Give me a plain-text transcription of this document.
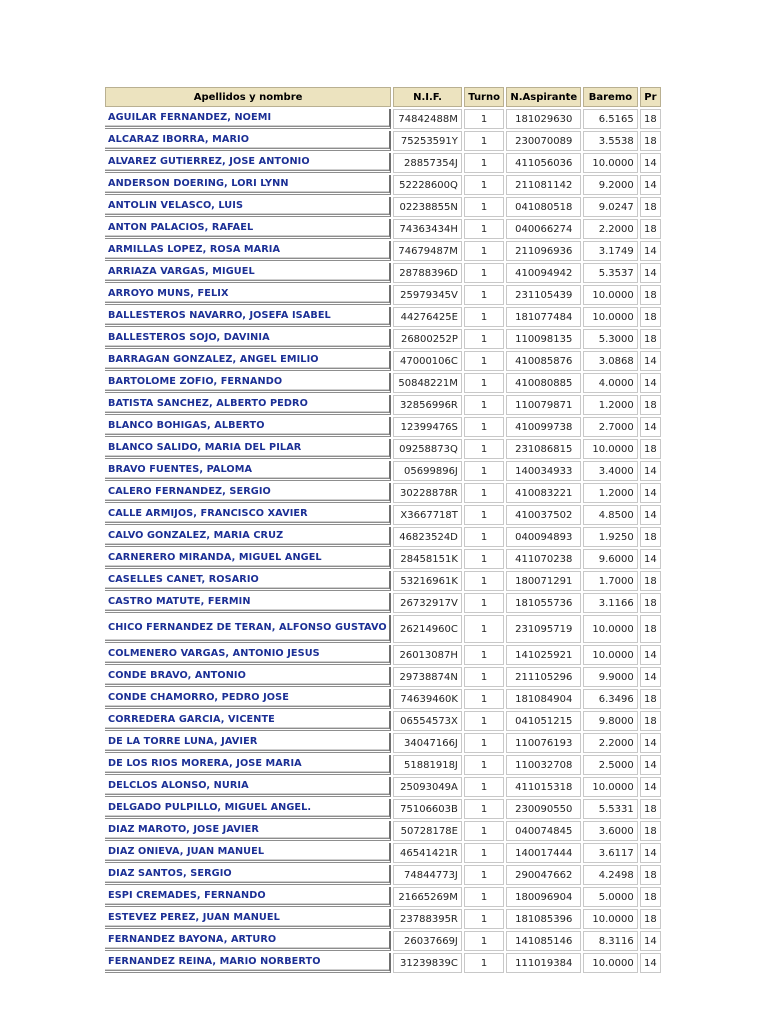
Apellidos y nombre	N.I.F.	Turno	N.Aspirante	Baremo	Pr
AGUILAR FERNANDEZ, NOEMI	74842488M	1	181029630	6.5165	18
ALCARAZ IBORRA, MARIO	75253591Y	1	230070089	3.5538	18
ALVAREZ GUTIERREZ, JOSE ANTONIO	28857354J	1	411056036	10.0000	14
ANDERSON DOERING, LORI LYNN	52228600Q	1	211081142	9.2000	14
ANTOLIN VELASCO, LUIS	02238855N	1	041080518	9.0247	18
ANTON PALACIOS, RAFAEL	74363434H	1	040066274	2.2000	18
ARMILLAS LOPEZ, ROSA MARIA	74679487M	1	211096936	3.1749	14
ARRIAZA VARGAS, MIGUEL	28788396D	1	410094942	5.3537	14
ARROYO MUNS, FELIX	25979345V	1	231105439	10.0000	18
BALLESTEROS NAVARRO, JOSEFA ISABEL	44276425E	1	181077484	10.0000	18
BALLESTEROS SOJO, DAVINIA	26800252P	1	110098135	5.3000	18
BARRAGAN GONZALEZ, ANGEL EMILIO	47000106C	1	410085876	3.0868	14
BARTOLOME ZOFIO, FERNANDO	50848221M	1	410080885	4.0000	14
BATISTA SANCHEZ, ALBERTO PEDRO	32856996R	1	110079871	1.2000	18
BLANCO BOHIGAS, ALBERTO	12399476S	1	410099738	2.7000	14
BLANCO SALIDO, MARIA DEL PILAR	09258873Q	1	231086815	10.0000	18
BRAVO FUENTES, PALOMA	05699896J	1	140034933	3.4000	14
CALERO FERNANDEZ, SERGIO	30228878R	1	410083221	1.2000	14
CALLE ARMIJOS, FRANCISCO XAVIER	X3667718T	1	410037502	4.8500	14
CALVO GONZALEZ, MARIA CRUZ	46823524D	1	040094893	1.9250	18
CARNERERO MIRANDA, MIGUEL ANGEL	28458151K	1	411070238	9.6000	14
CASELLES CANET, ROSARIO	53216961K	1	180071291	1.7000	18
CASTRO MATUTE, FERMIN	26732917V	1	181055736	3.1166	18
CHICO FERNANDEZ DE TERAN, ALFONSO GUSTAVO	26214960C	1	231095719	10.0000	18
COLMENERO VARGAS, ANTONIO JESUS	26013087H	1	141025921	10.0000	14
CONDE BRAVO, ANTONIO	29738874N	1	211105296	9.9000	14
CONDE CHAMORRO, PEDRO JOSE	74639460K	1	181084904	6.3496	18
CORREDERA GARCIA, VICENTE	06554573X	1	041051215	9.8000	18
DE LA TORRE LUNA, JAVIER	34047166J	1	110076193	2.2000	14
DE LOS RIOS MORERA, JOSE MARIA	51881918J	1	110032708	2.5000	14
DELCLOS ALONSO, NURIA	25093049A	1	411015318	10.0000	14
DELGADO PULPILLO, MIGUEL ANGEL.	75106603B	1	230090550	5.5331	18
DIAZ MAROTO, JOSE JAVIER	50728178E	1	040074845	3.6000	18
DIAZ ONIEVA, JUAN MANUEL	46541421R	1	140017444	3.6117	14
DIAZ SANTOS, SERGIO	74844773J	1	290047662	4.2498	18
ESPI CREMADES, FERNANDO	21665269M	1	180096904	5.0000	18
ESTEVEZ PEREZ, JUAN MANUEL	23788395R	1	181085396	10.0000	18
FERNANDEZ BAYONA, ARTURO	26037669J	1	141085146	8.3116	14
FERNANDEZ REINA, MARIO NORBERTO	31239839C	1	111019384	10.0000	14
